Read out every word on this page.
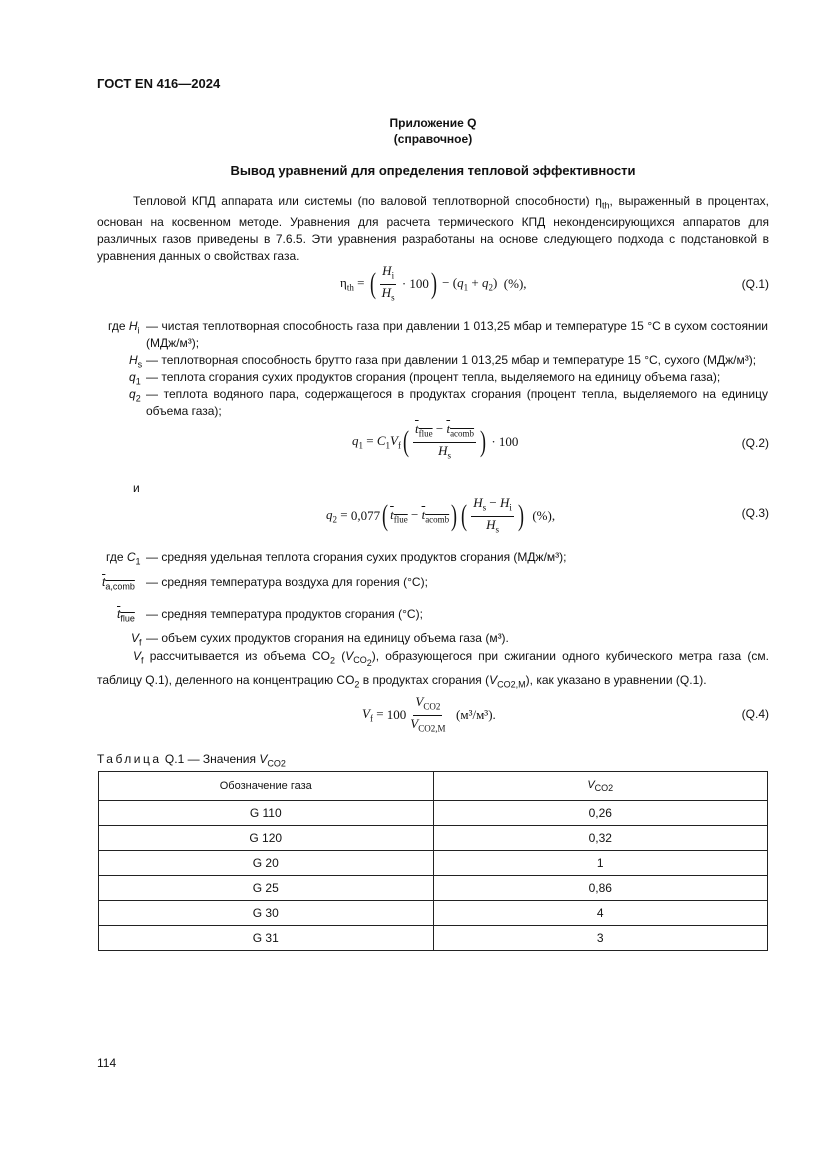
ГОСТ EN 416—2024
Приложение Q
(справочное)
Вывод уравнений для определения тепловой эффективности
Тепловой КПД аппарата или системы (по валовой теплотворной способности) $\eta_{th}$, выраженный в процентах, основан на косвенном методе. Уравнения для расчета термического КПД неконденсирующихся аппаратов для различных газов приведены в 7.6.5. Эти уравнения разработаны на основе следующего подхода с подстановкой в уравнения данных о свойствах газа.
$\eta_{th}$ = ( $\frac{H_i}{H_s} \cdot 100$ ) − $(q_1 + q_2)$ (%),	(Q.1)
где $H_i$ — чистая теплотворная способность газа при давлении 1 013,25 мбар и температуре 15 °С в сухом состоянии (МДж/м³);
$H_s$ — теплотворная способность брутто газа при давлении 1 013,25 мбар и температуре 15 °С, сухого (МДж/м³);
$q_1$ — теплота сгорания сухих продуктов сгорания (процент тепла, выделяемого на единицу объема газа);
$q_2$ — теплота водяного пара, содержащегося в продуктах сгорания (процент тепла, выделяемого на единицу объема газа);
$q_1 = C_1V_f$ ( $\frac{t_{flue} - t_{acomb}}{H_s}$ ) · 100	(Q.2)
и
$q_2 = 0,077$ ( $t_{flue} - t_{acomb}$ ) ( $\frac{H_s - H_i}{H_s}$ )
(%),	(Q.3)
где $C_1$ — средняя удельная теплота сгорания сухих продуктов сгорания (МДж/м³);
$t_{a,comb}$ — средняя температура воздуха для горения (°С);
$t_{flue}$ — средняя температура продуктов сгорания (°С);
$V_f$ — объем сухих продуктов сгорания на единицу объема газа (м³).
$V_f$ рассчитывается из объема $CO_2$ $(V_{CO_2})$, образующегося при сжигании одного кубического метра газа (см. таблицу Q.1), деленного на концентрацию $CO_2$ в продуктах сгорания $(V_{CO2,M})$, как указано в уравнении (Q.1).
$V_f = 100 \frac{V_{CO2}}{V_{CO2,M}}$
(м³/м³).	(Q.4)
Таблица Q.1 — Значения $V_{CO2}$
Обозначение газа	$V_{CO2}$
G 110	0,26
G 120	0,32
G 20	1
G 25	0,86
G 30	4
G 31	3
114
